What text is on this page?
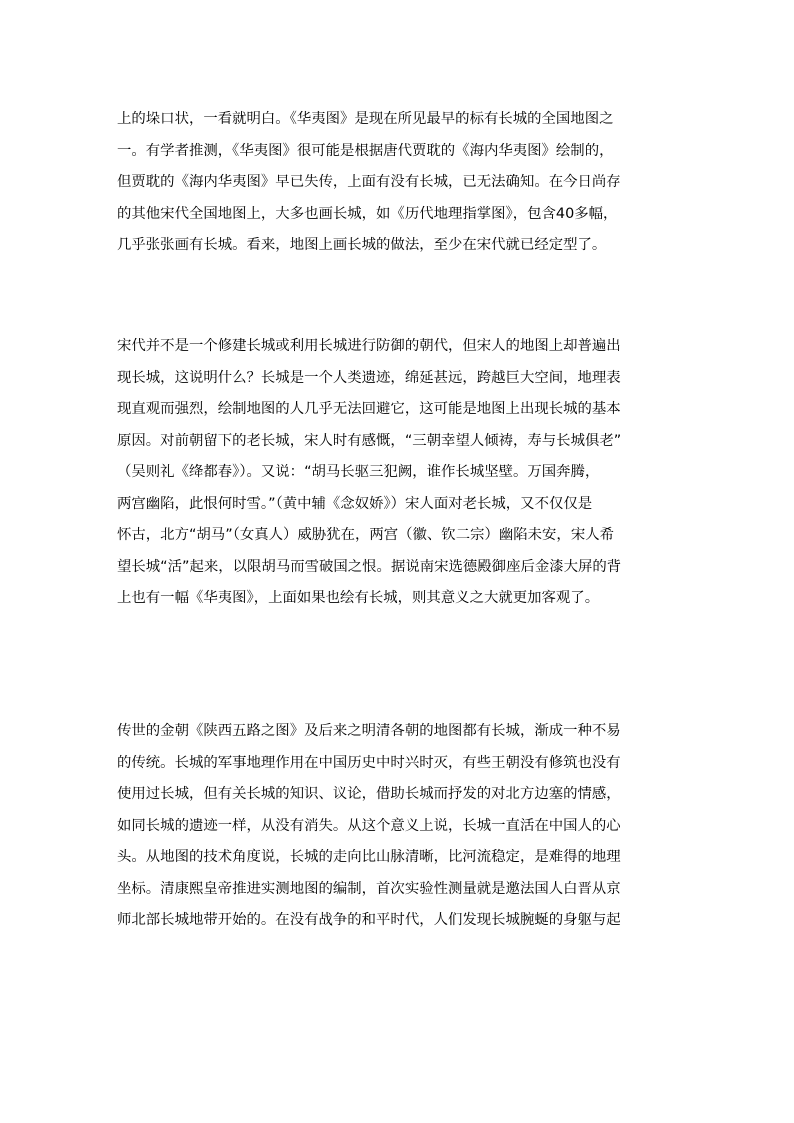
上的垛口状，一看就明白。《华夷图》是现在所见最早的标有长城的全国地图之
一。有学者推测，《华夷图》很可能是根据唐代贾耽的《海内华夷图》绘制的，
但贾耽的《海内华夷图》早已失传，上面有没有长城，已无法确知。在今日尚存
的其他宋代全国地图上，大多也画长城，如《历代地理指掌图》，包含40多幅，
几乎张张画有长城。看来，地图上画长城的做法，至少在宋代就已经定型了。
宋代并不是一个修建长城或利用长城进行防御的朝代，但宋人的地图上却普遍出
现长城，这说明什么？长城是一个人类遗迹，绵延甚远，跨越巨大空间，地理表
现直观而强烈，绘制地图的人几乎无法回避它，这可能是地图上出现长城的基本
原因。对前朝留下的老长城，宋人时有感慨，“三朝幸望人倾祷，寿与长城俱老”
（吴则礼《绛都春》）。又说：“胡马长驱三犯阙，谁作长城坚壁。万国奔腾，
两宫幽陷，此恨何时雪。”（黄中辅《念奴娇》）宋人面对老长城，又不仅仅是
怀古，北方“胡马”（女真人）威胁犹在，两宫（徽、钦二宗）幽陷未安，宋人希
望长城“活”起来，以限胡马而雪破国之恨。据说南宋选德殿御座后金漆大屏的背
上也有一幅《华夷图》，上面如果也绘有长城，则其意义之大就更加客观了。
传世的金朝《陕西五路之图》及后来之明清各朝的地图都有长城，渐成一种不易
的传统。长城的军事地理作用在中国历史中时兴时灭，有些王朝没有修筑也没有
使用过长城，但有关长城的知识、议论，借助长城而抒发的对北方边塞的情感，
如同长城的遗迹一样，从没有消失。从这个意义上说，长城一直活在中国人的心
头。从地图的技术角度说，长城的走向比山脉清晰，比河流稳定，是难得的地理
坐标。清康熙皇帝推进实测地图的编制，首次实验性测量就是邀法国人白晋从京
师北部长城地带开始的。在没有战争的和平时代，人们发现长城腕蜒的身躯与起
